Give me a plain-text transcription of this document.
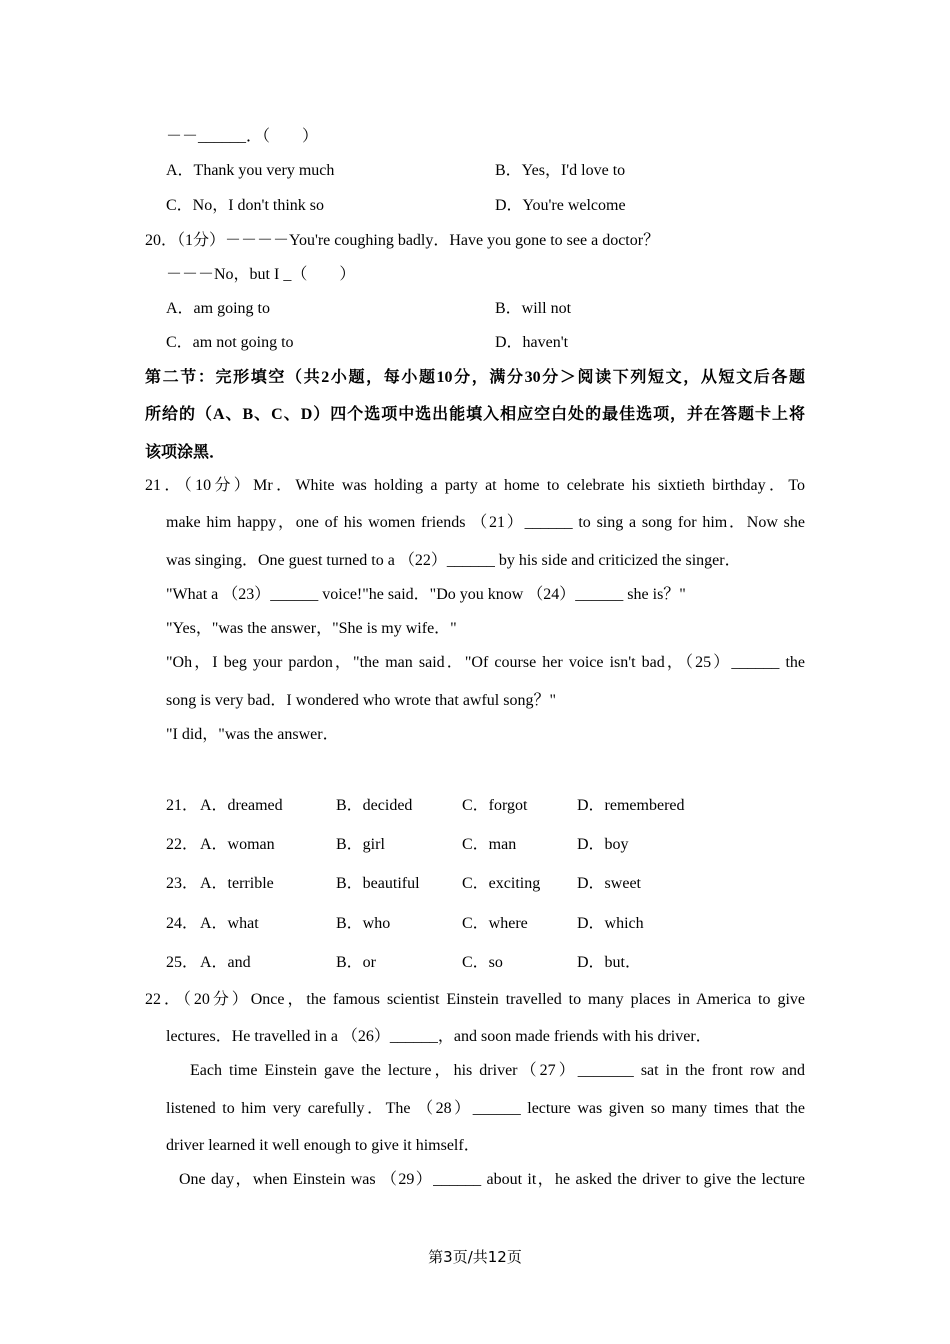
－－______．（　　）
A．Thank you very much	B．Yes，I'd love to
C．No，I don't think so	D．You're welcome
20．（1分）－－－－You're coughing badly．Have you gone to see a doctor？
－－－No，but I _（　　）
A．am going to	B．will not
C．am not going to	D．haven't
第二节：完形填空（共2小题，每小题10分，满分30分＞阅读下列短文，从短文后各题
所给的（A、B、C、D）四个选项中选出能填入相应空白处的最佳选项，并在答题卡上将
该项涂黑．
21．（10分）Mr．White was holding a party at home to celebrate his sixtieth birthday．To
make him happy，one of his women friends （21）______ to sing a song for him．Now she
was singing．One guest turned to a （22）______ by his side and criticized the singer．
"What a （23）______ voice!"he said．"Do you know （24）______ she is？"
"Yes，"was the answer，"She is my wife．"
"Oh，I beg your pardon，"the man said．"Of course her voice isn't bad，（25）______ the
song is very bad．I wondered who wrote that awful song？"
"I did，"was the answer．
21． A．dreamed	B．decided	C．forgot	D．remembered
22． A．woman	B．girl	C．man	D．boy
23． A．terrible	B．beautiful	C．exciting D．sweet
24． A．what	B．who	C．where	D．which
25． A．and	B．or	C．so	D．but．
22．（20分）Once，the famous scientist Einstein travelled to many places in America to give
lectures．He travelled in a （26）______，and soon made friends with his driver．
Each time Einstein gave the lecture，his driver（27）_______ sat in the front row and
listened to him very carefully．The （28）______ lecture was given so many times that the
driver learned it well enough to give it himself．
One day，when Einstein was （29）______ about it，he asked the driver to give the lecture
第3页/共12页
